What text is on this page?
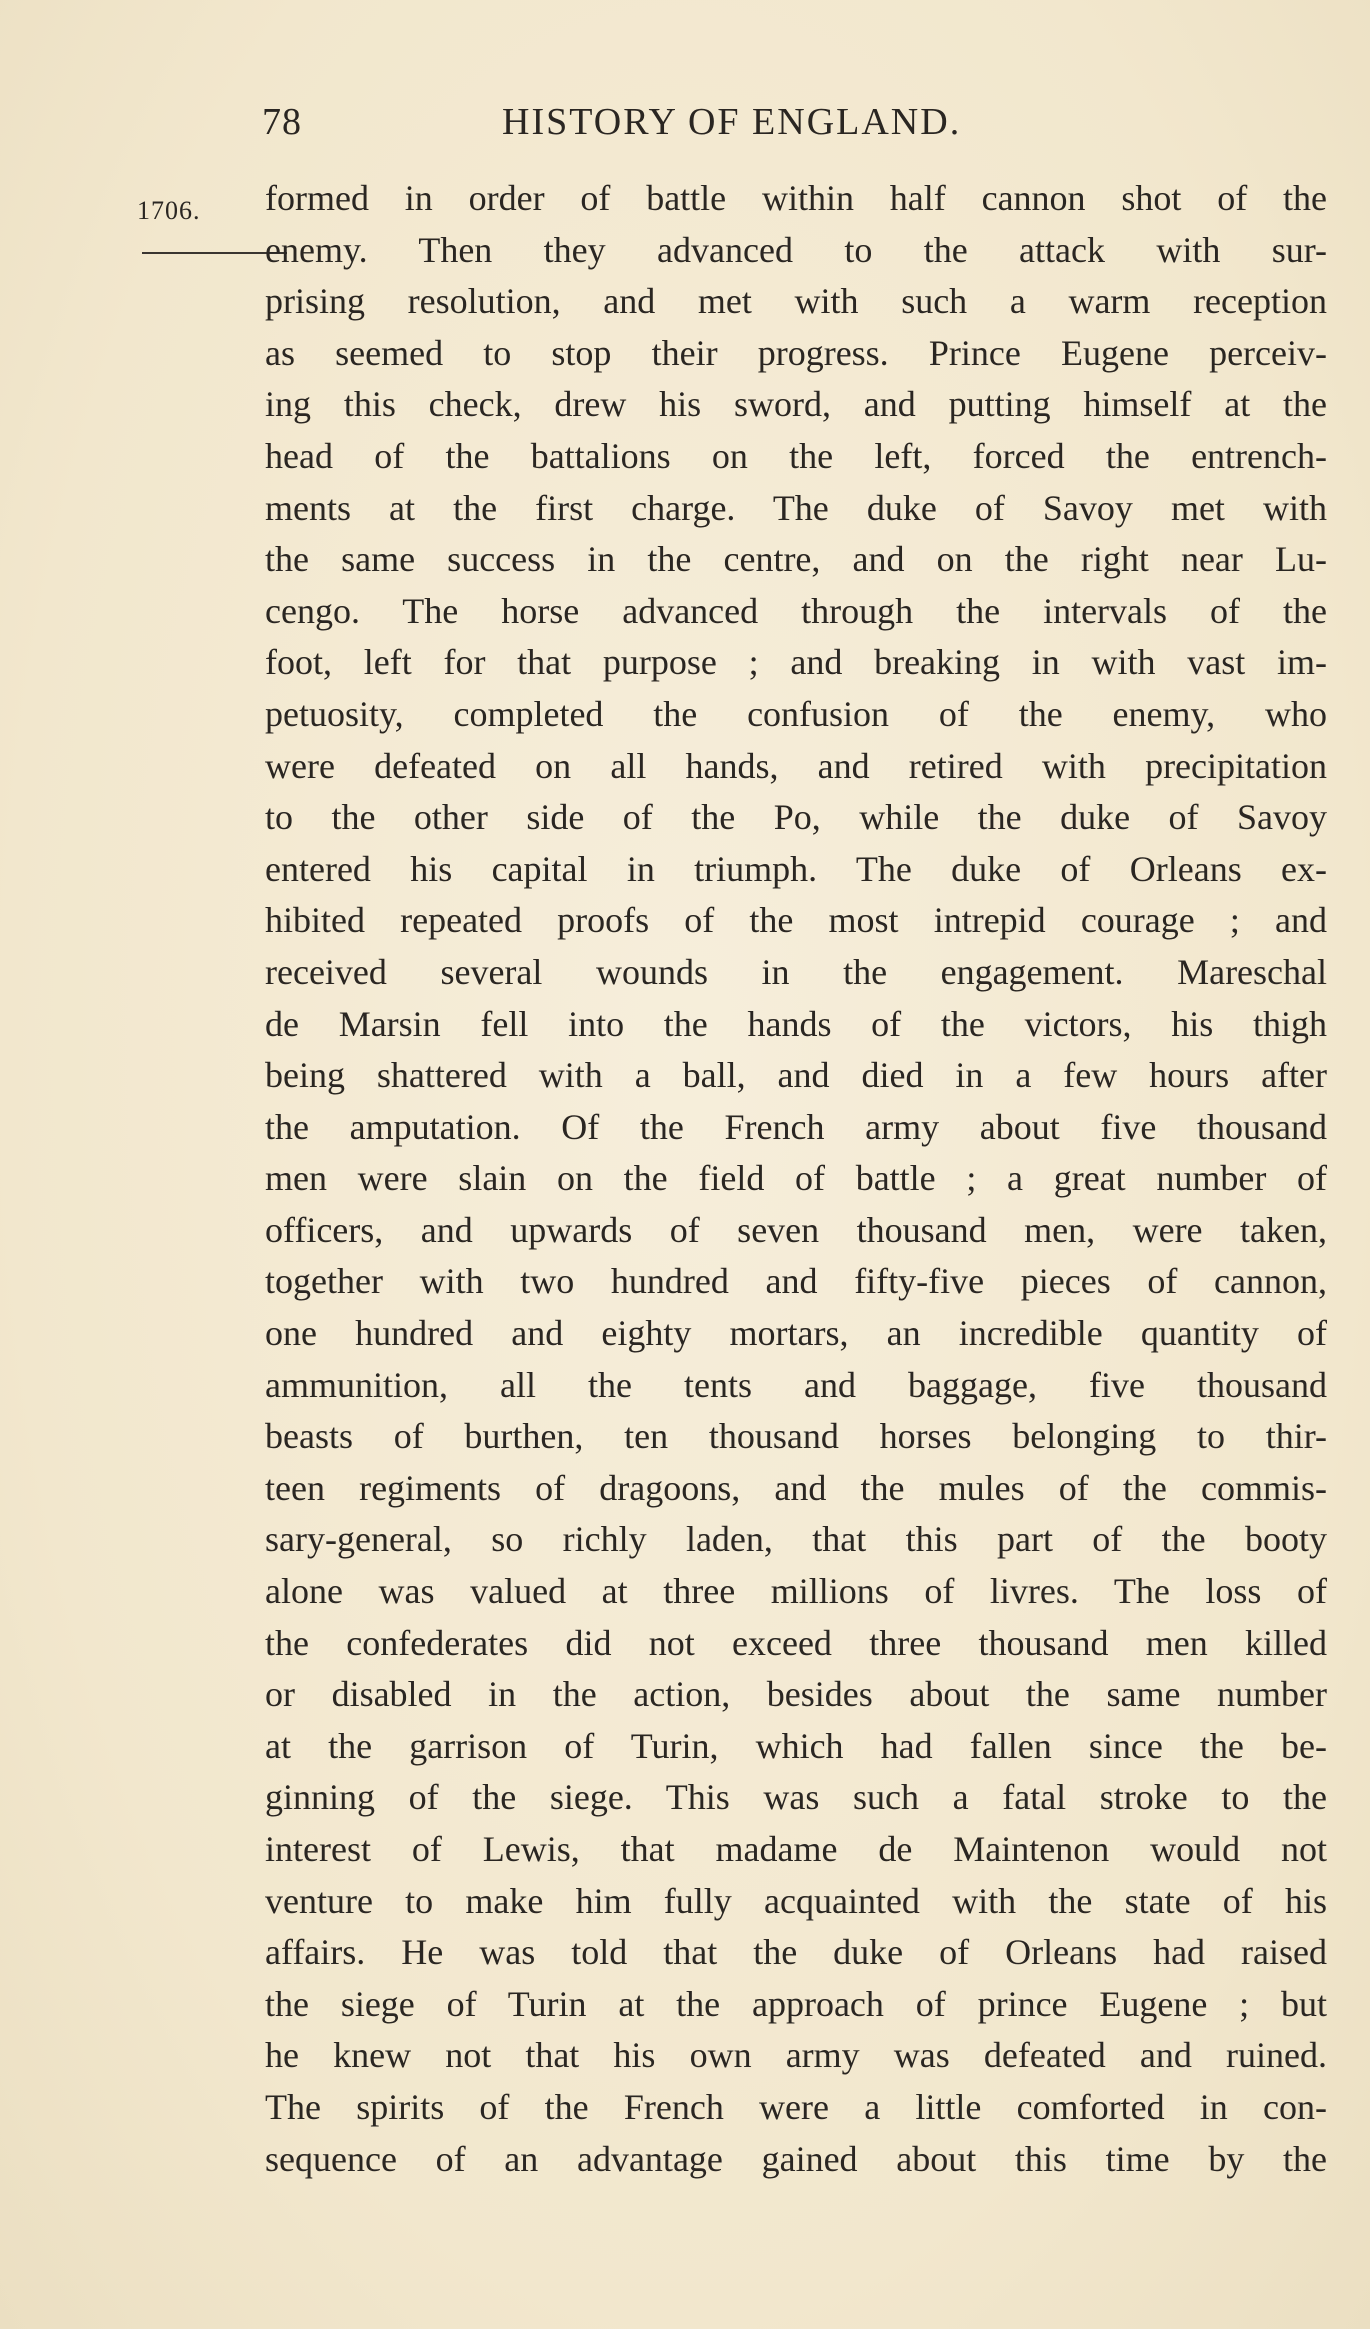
78	HISTORY OF ENGLAND.
1706. formed in order of battle within half cannon shot of the
enemy. Then they advanced to the attack with sur-
prising resolution, and met with such a warm reception
as seemed to stop their progress. Prince Eugene perceiv-
ing this check, drew his sword, and putting himself at the
head of the battalions on the left, forced the entrench-
ments at the first charge. The duke of Savoy met with
the same success in the centre, and on the right near Lu-
cengo. The horse advanced through the intervals of the
foot, left for that purpose ; and breaking in with vast im-
petuosity, completed the confusion of the enemy, who
were defeated on all hands, and retired with precipitation
to the other side of the Po, while the duke of Savoy
entered his capital in triumph. The duke of Orleans ex-
hibited repeated proofs of the most intrepid courage ; and
received several wounds in the engagement. Mareschal
de Marsin fell into the hands of the victors, his thigh
being shattered with a ball, and died in a few hours after
the amputation. Of the French army about five thousand
men were slain on the field of battle ; a great number of
officers, and upwards of seven thousand men, were taken,
together with two hundred and fifty-five pieces of cannon,
one hundred and eighty mortars, an incredible quantity of
ammunition, all the tents and baggage, five thousand
beasts of burthen, ten thousand horses belonging to thir-
teen regiments of dragoons, and the mules of the commis-
sary-general, so richly laden, that this part of the booty
alone was valued at three millions of livres. The loss of
the confederates did not exceed three thousand men killed
or disabled in the action, besides about the same number
at the garrison of Turin, which had fallen since the be-
ginning of the siege. This was such a fatal stroke to the
interest of Lewis, that madame de Maintenon would not
venture to make him fully acquainted with the state of his
affairs. He was told that the duke of Orleans had raised
the siege of Turin at the approach of prince Eugene ; but
he knew not that his own army was defeated and ruined.
The spirits of the French were a little comforted in con-
sequence of an advantage gained about this time by the
